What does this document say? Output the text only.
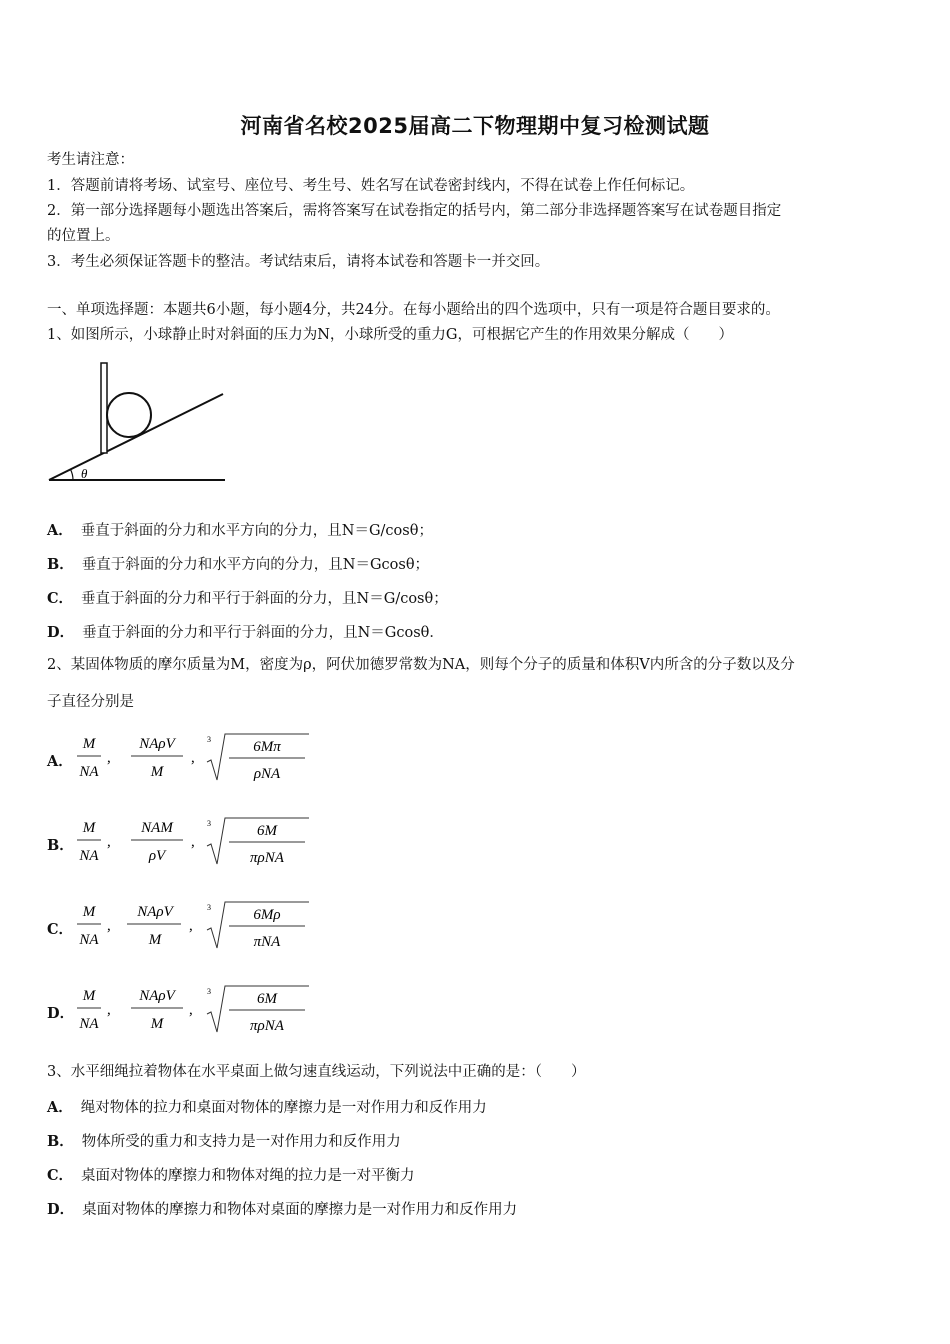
河南省名校2025届高二下物理期中复习检测试题
考生请注意：
1．答题前请将考场、试室号、座位号、考生号、姓名写在试卷密封线内，不得在试卷上作任何标记。
2．第一部分选择题每小题选出答案后，需将答案写在试卷指定的括号内，第二部分非选择题答案写在试卷题目指定
的位置上。
3．考生必须保证答题卡的整洁。考试结束后，请将本试卷和答题卡一并交回。
一、单项选择题：本题共6小题，每小题4分，共24分。在每小题给出的四个选项中，只有一项是符合题目要求的。
1、如图所示，小球静止时对斜面的压力为N，小球所受的重力G，可根据它产生的作用效果分解成（　　）
θ
A． 垂直于斜面的分力和水平方向的分力，且N＝G/cosθ；
B． 垂直于斜面的分力和水平方向的分力，且N＝Gcosθ；
C． 垂直于斜面的分力和平行于斜面的分力，且N＝G/cosθ；
D． 垂直于斜面的分力和平行于斜面的分力，且N＝Gcosθ．
2、某固体物质的摩尔质量为M，密度为ρ，阿伏加德罗常数为NA，则每个分子的质量和体积V内所含的分子数以及分
子直径分别是
A．
M
NA
,
NAρV
M
,
3	6Mπ
ρNA
B．
M
NA
,
NAM
ρV
,
3	6M
πρNA
C．
M
NA
,
NAρV
M
,
3	6Mρ
πNA
D．
M
NA
,
NAρV
M
,
3	6M
πρNA
3、水平细绳拉着物体在水平桌面上做匀速直线运动，下列说法中正确的是：（　　）
A． 绳对物体的拉力和桌面对物体的摩擦力是一对作用力和反作用力
B． 物体所受的重力和支持力是一对作用力和反作用力
C． 桌面对物体的摩擦力和物体对绳的拉力是一对平衡力
D． 桌面对物体的摩擦力和物体对桌面的摩擦力是一对作用力和反作用力
